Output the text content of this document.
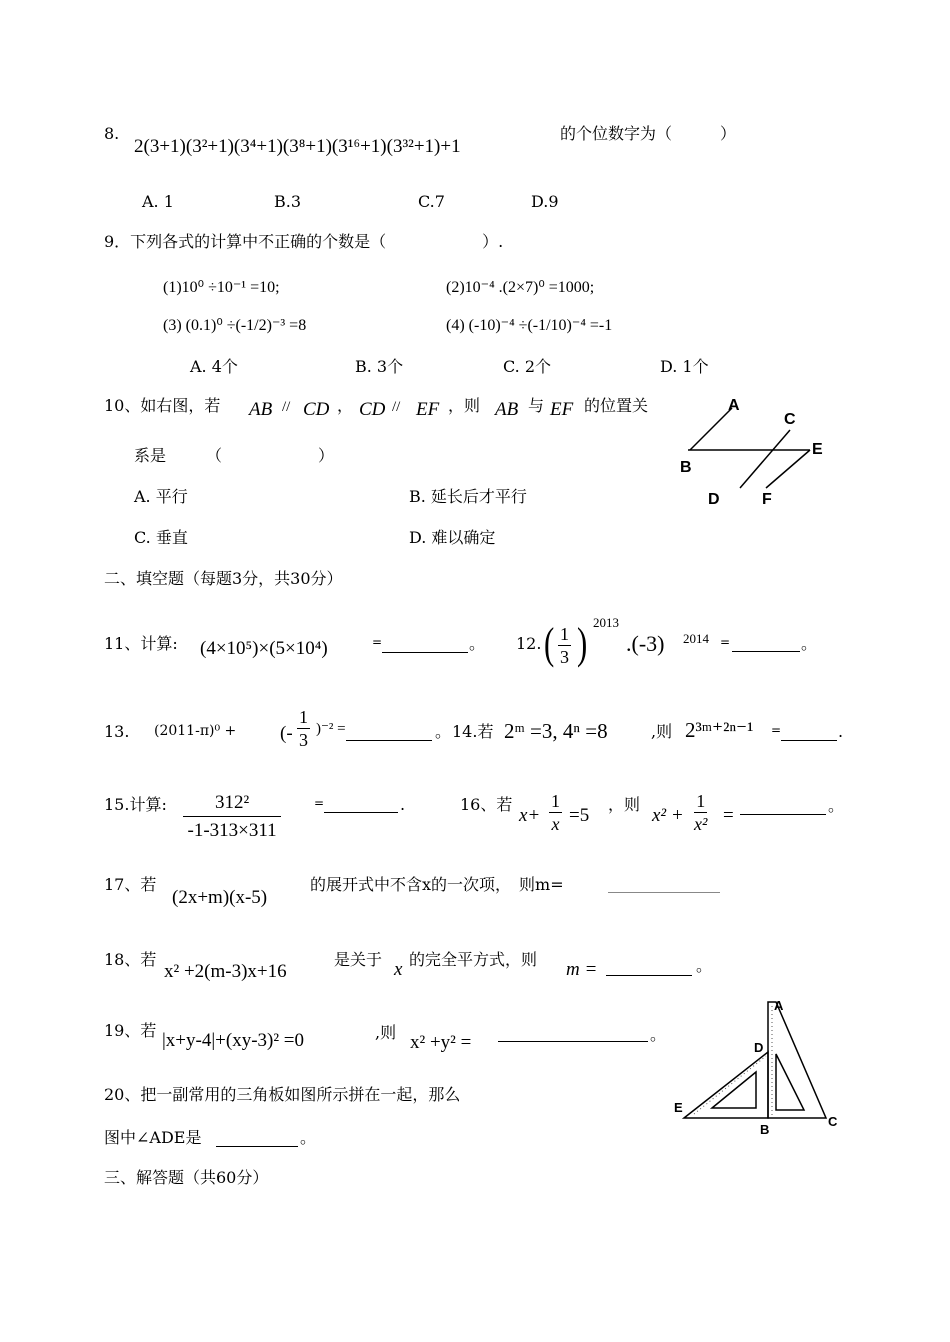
8.
2(3+1)(3²+1)(3⁴+1)(3⁸+1)(3¹⁶+1)(3³²+1)+1
的个位数字为（　　　）
A. 1	B.3	C.7	D.9
9．下列各式的计算中不正确的个数是（　　　　　　）.
(1)10⁰ ÷10⁻¹ =10;	(2)10⁻⁴ .(2×7)⁰ =1000;
(3) (0.1)⁰ ÷(-1/2)⁻³ =8	(4) (-10)⁻⁴ ÷(-1/10)⁻⁴ =-1
A. 4个	B. 3个	C. 2个	D. 1个
10、如右图，若 AB // CD ， CD // EF ，则 AB 与 EF 的位置关
系是　　　（　　　　　　）
A. 平行	B. 延长后才平行
C. 垂直	D. 难以确定
A
C
E
B
D	F
二、填空题（每题3分，共30分）
11、计算: (4×10⁵)×(5×10⁴)	=	。 12. ( $\frac{1}{3}$ ) 2013
.(-3) 2014 =	。
13. (2011-π)⁰ + (- $\frac{1}{3} )^{-2}$ =	。 14.若 2ᵐ =3, 4ⁿ =8	,则 2³ᵐ⁺²ⁿ⁻¹ =	.
15.计算: $\frac{\text{312²}}{-1-313\times 311}$	=	.	16、若
$x+ \frac{1}{x} =5$
，则
$x^2 + \frac{1}{\text{x²}}$ =	。
17、若
(2x+m)(x-5)
的展开式中不含x的一次项，　则m=
18、若
x² +2(m-3)x+16
是关于 x 的完全平方式，则 m =	。
19、若 |x+y-4|+(xy-3)² =0	,则 x² +y² =	。
20、把一副常用的三角板如图所示拼在一起，那么
图中∠ADE是	。
A
D
E
B
C
三、解答题（共60分）
